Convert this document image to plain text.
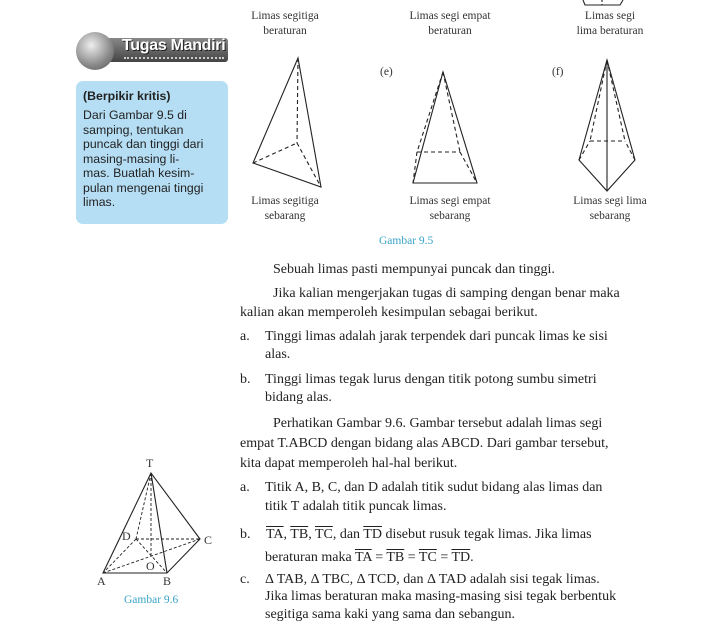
Tugas Mandiri
(Berpikir kritis)
Dari Gambar 9.5 di
samping, tentukan
puncak dan tinggi dari
masing-masing li-
mas. Buatlah kesim-
pulan mengenai tinggi
limas.
Limas segitiga
beraturan
Limas segi empat
beraturan
Limas segi
lima beraturan
(e)	(f)
Limas segitiga
sebarang
Limas segi empat
sebarang
Limas segi lima
sebarang
Gambar 9.5
T
A	B
C
D
O
Gambar 9.6
Sebuah limas pasti mempunyai puncak dan tinggi.
Jika kalian mengerjakan tugas di samping dengan benar maka
kalian akan memperoleh kesimpulan sebagai berikut.
a. Tinggi limas adalah jarak terpendek dari puncak limas ke sisi
alas.
b. Tinggi limas tegak lurus dengan titik potong sumbu simetri
bidang alas.
Perhatikan Gambar 9.6. Gambar tersebut adalah limas segi
empat T.ABCD dengan bidang alas ABCD. Dari gambar tersebut,
kita dapat memperoleh hal-hal berikut.
a. Titik A, B, C, dan D adalah titik sudut bidang alas limas dan
titik T adalah titik puncak limas.
b. $\overline{TA}$, $\overline{TB}$, $\overline{TC}$, dan $\overline{TD}$ disebut rusuk tegak limas. Jika limas
beraturan maka $\overline{TA} = \overline{TB} = \overline{TC} = \overline{TD}$.
c. Δ TAB, Δ TBC, Δ TCD, dan Δ TAD adalah sisi tegak limas.
Jika limas beraturan maka masing-masing sisi tegak berbentuk
segitiga sama kaki yang sama dan sebangun.
